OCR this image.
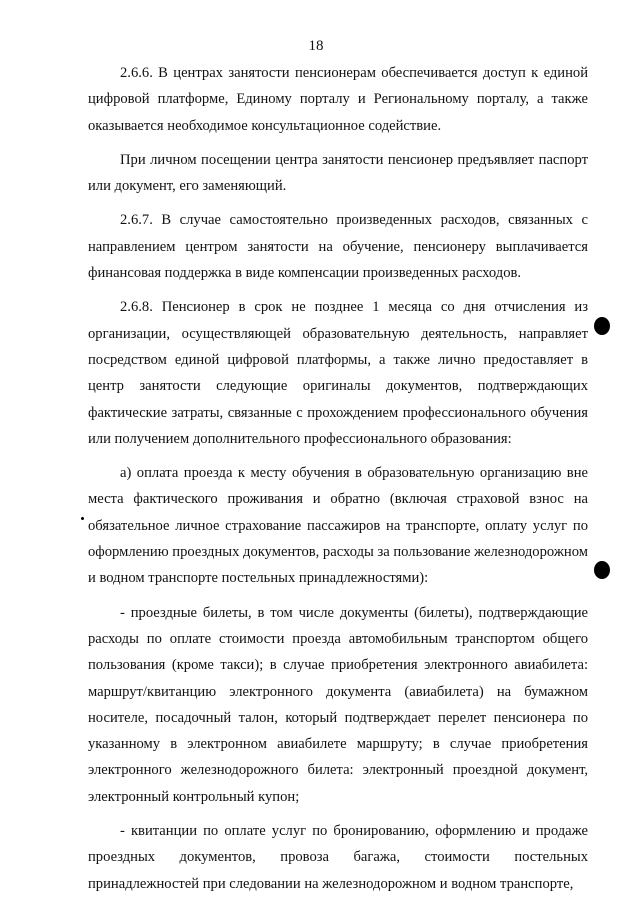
18

2.6.6. В центрах занятости пенсионерам обеспечивается доступ к единой цифровой платформе, Единому порталу и Региональному порталу, а также оказывается необходимое консультационное содействие.

При личном посещении центра занятости пенсионер предъявляет паспорт или документ, его заменяющий.

2.6.7. В случае самостоятельно произведенных расходов, связанных с направлением центром занятости на обучение, пенсионеру выплачивается финансовая поддержка в виде компенсации произведенных расходов.

2.6.8. Пенсионер в срок не позднее 1 месяца со дня отчисления из организации, осуществляющей образовательную деятельность, направляет посредством единой цифровой платформы, а также лично предоставляет в центр занятости следующие оригиналы документов, подтверждающих фактические затраты, связанные с прохождением профессионального обучения или получением дополнительного профессионального образования:

а) оплата проезда к месту обучения в образовательную организацию вне места фактического проживания и обратно (включая страховой взнос на обязательное личное страхование пассажиров на транспорте, оплату услуг по оформлению проездных документов, расходы за пользование железнодорожном и водном транспорте постельных принадлежностями):

- проездные билеты, в том числе документы (билеты), подтверждающие расходы по оплате стоимости проезда автомобильным транспортом общего пользования (кроме такси); в случае приобретения электронного авиабилета: маршрут/квитанцию электронного документа (авиабилета) на бумажном носителе, посадочный талон, который подтверждает перелет пенсионера по указанному в электронном авиабилете маршруту; в случае приобретения электронного железнодорожного билета: электронный проездной документ, электронный контрольный купон;

- квитанции по оплате услуг по бронированию, оформлению и продаже проездных документов, провоза багажа, стоимости постельных принадлежностей при следовании на железнодорожном и водном транспорте,
